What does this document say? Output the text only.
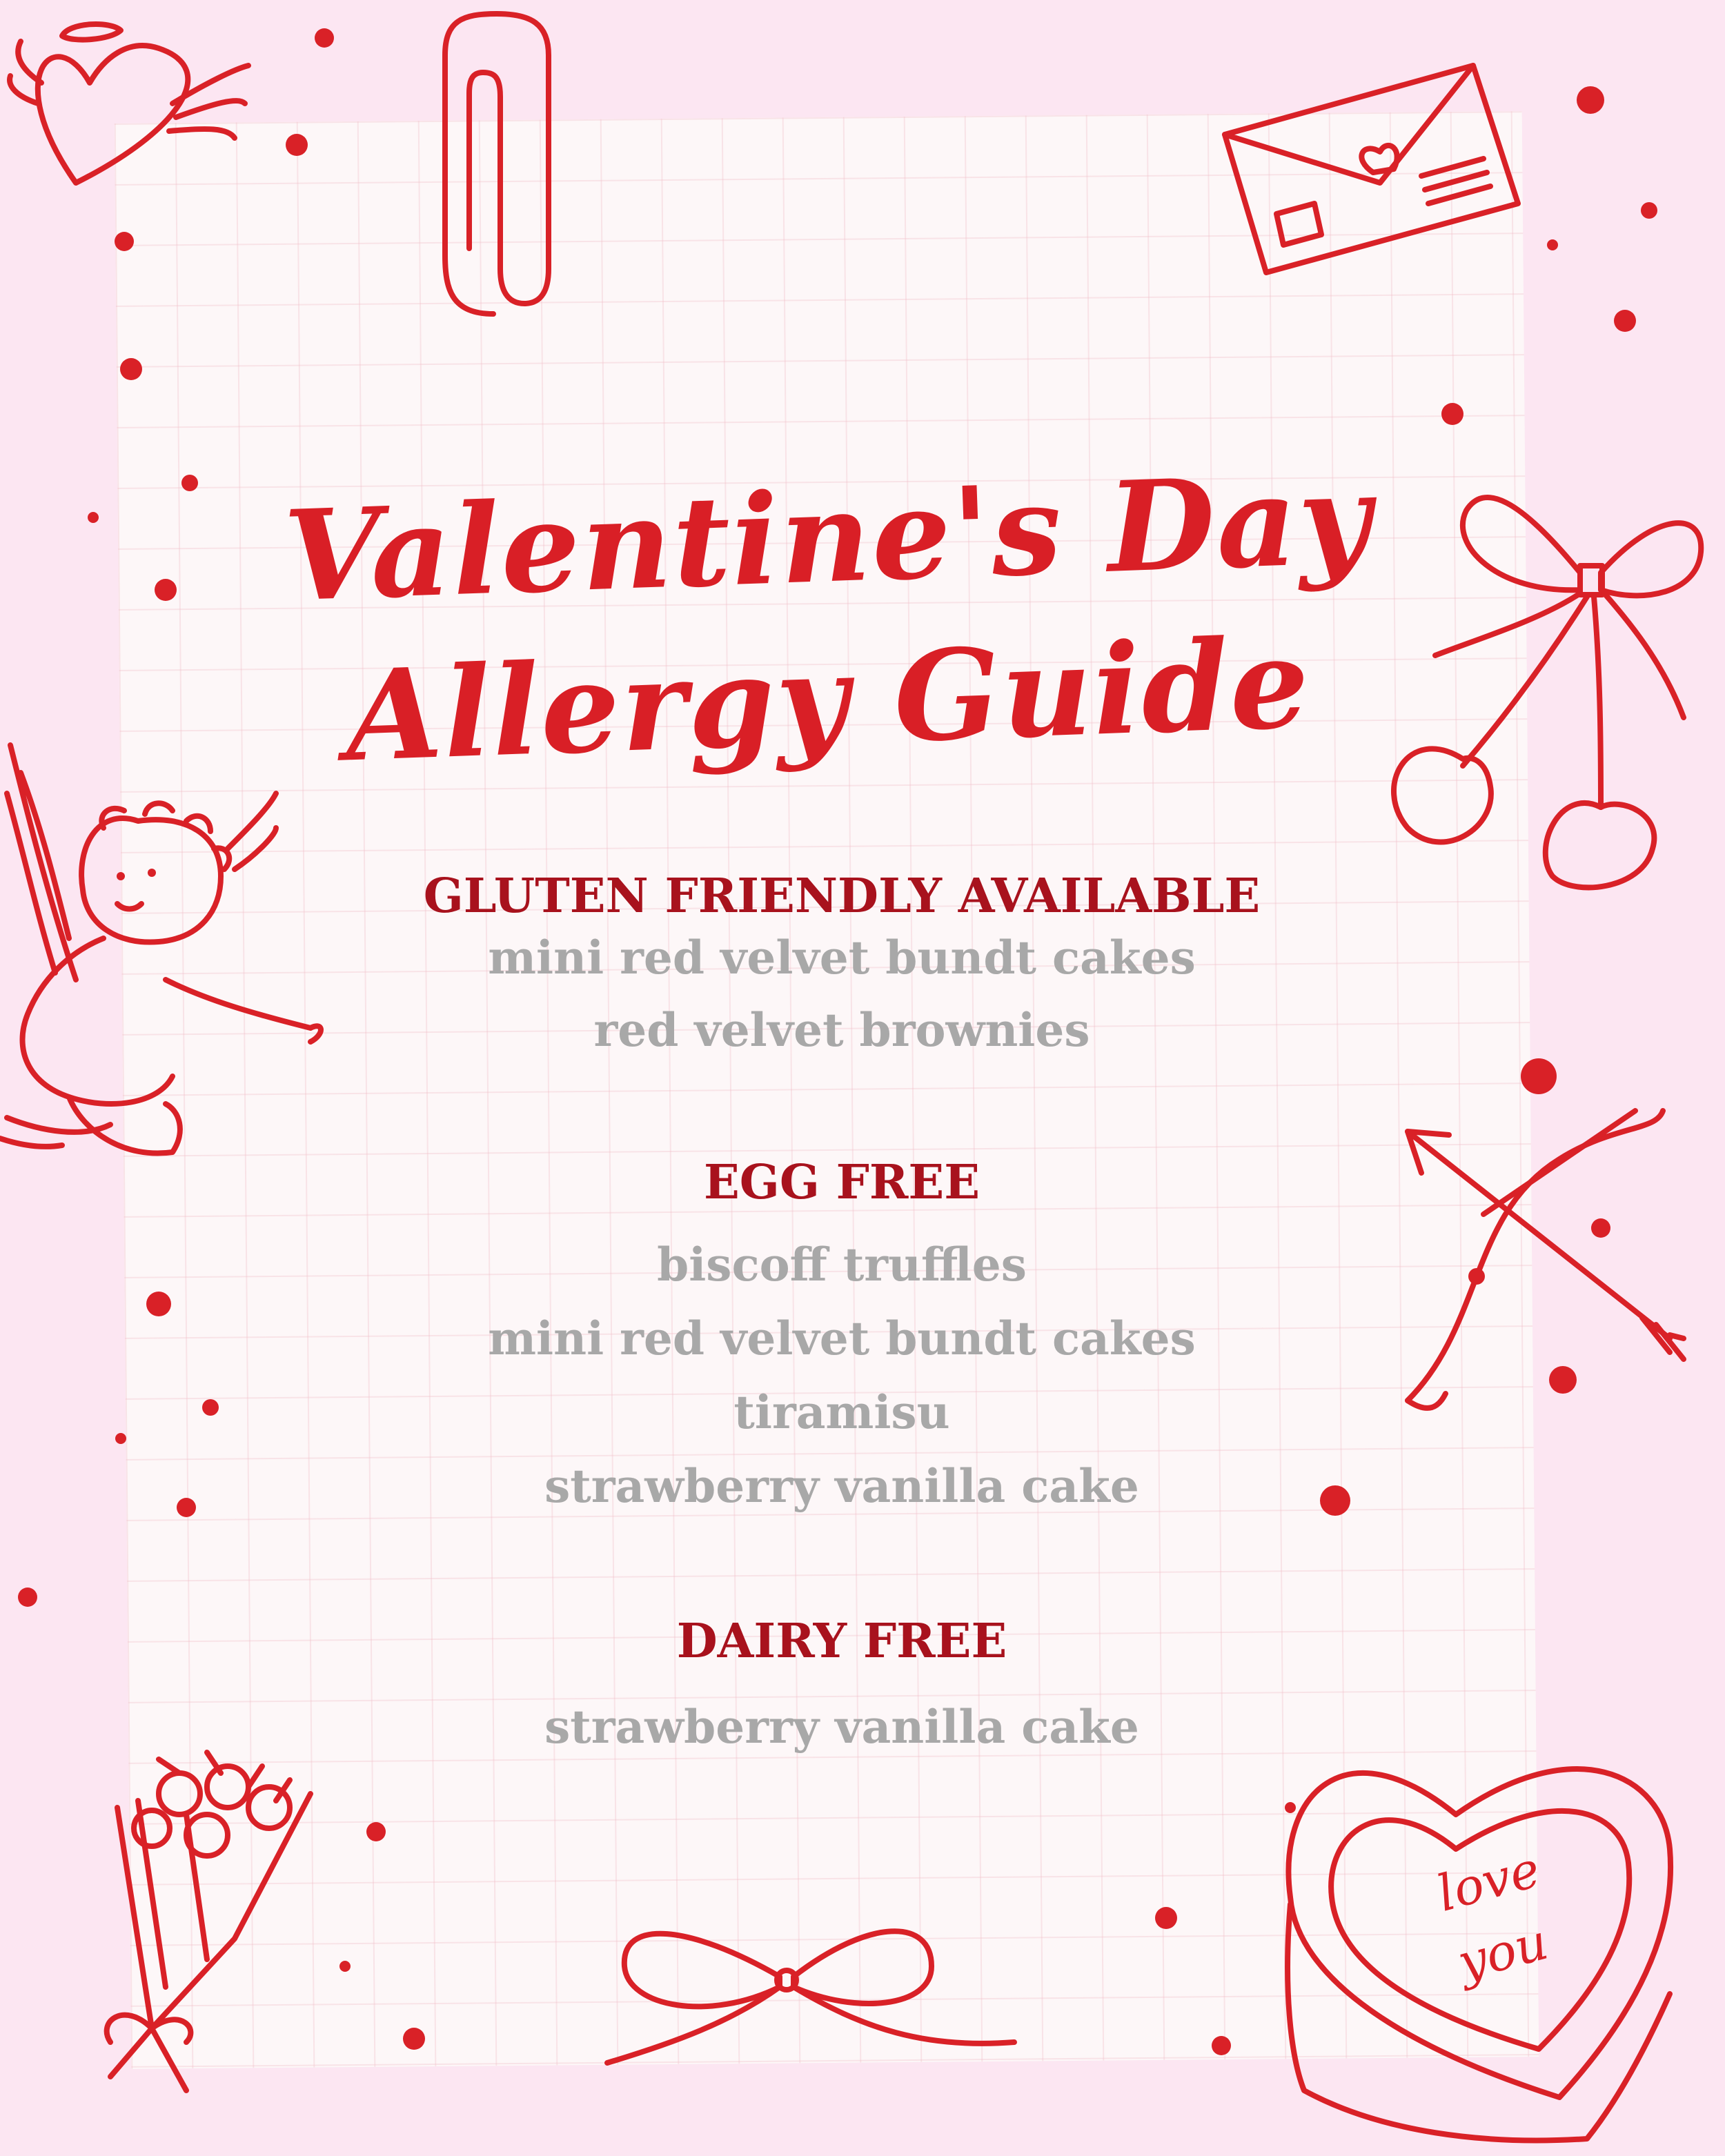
love
you
Valentine's Day
Allergy Guide
GLUTEN FRIENDLY AVAILABLE
mini red velvet bundt cakes
red velvet brownies
EGG FREE
biscoff truffles
mini red velvet bundt cakes
tiramisu
strawberry vanilla cake
DAIRY FREE
strawberry vanilla cake
